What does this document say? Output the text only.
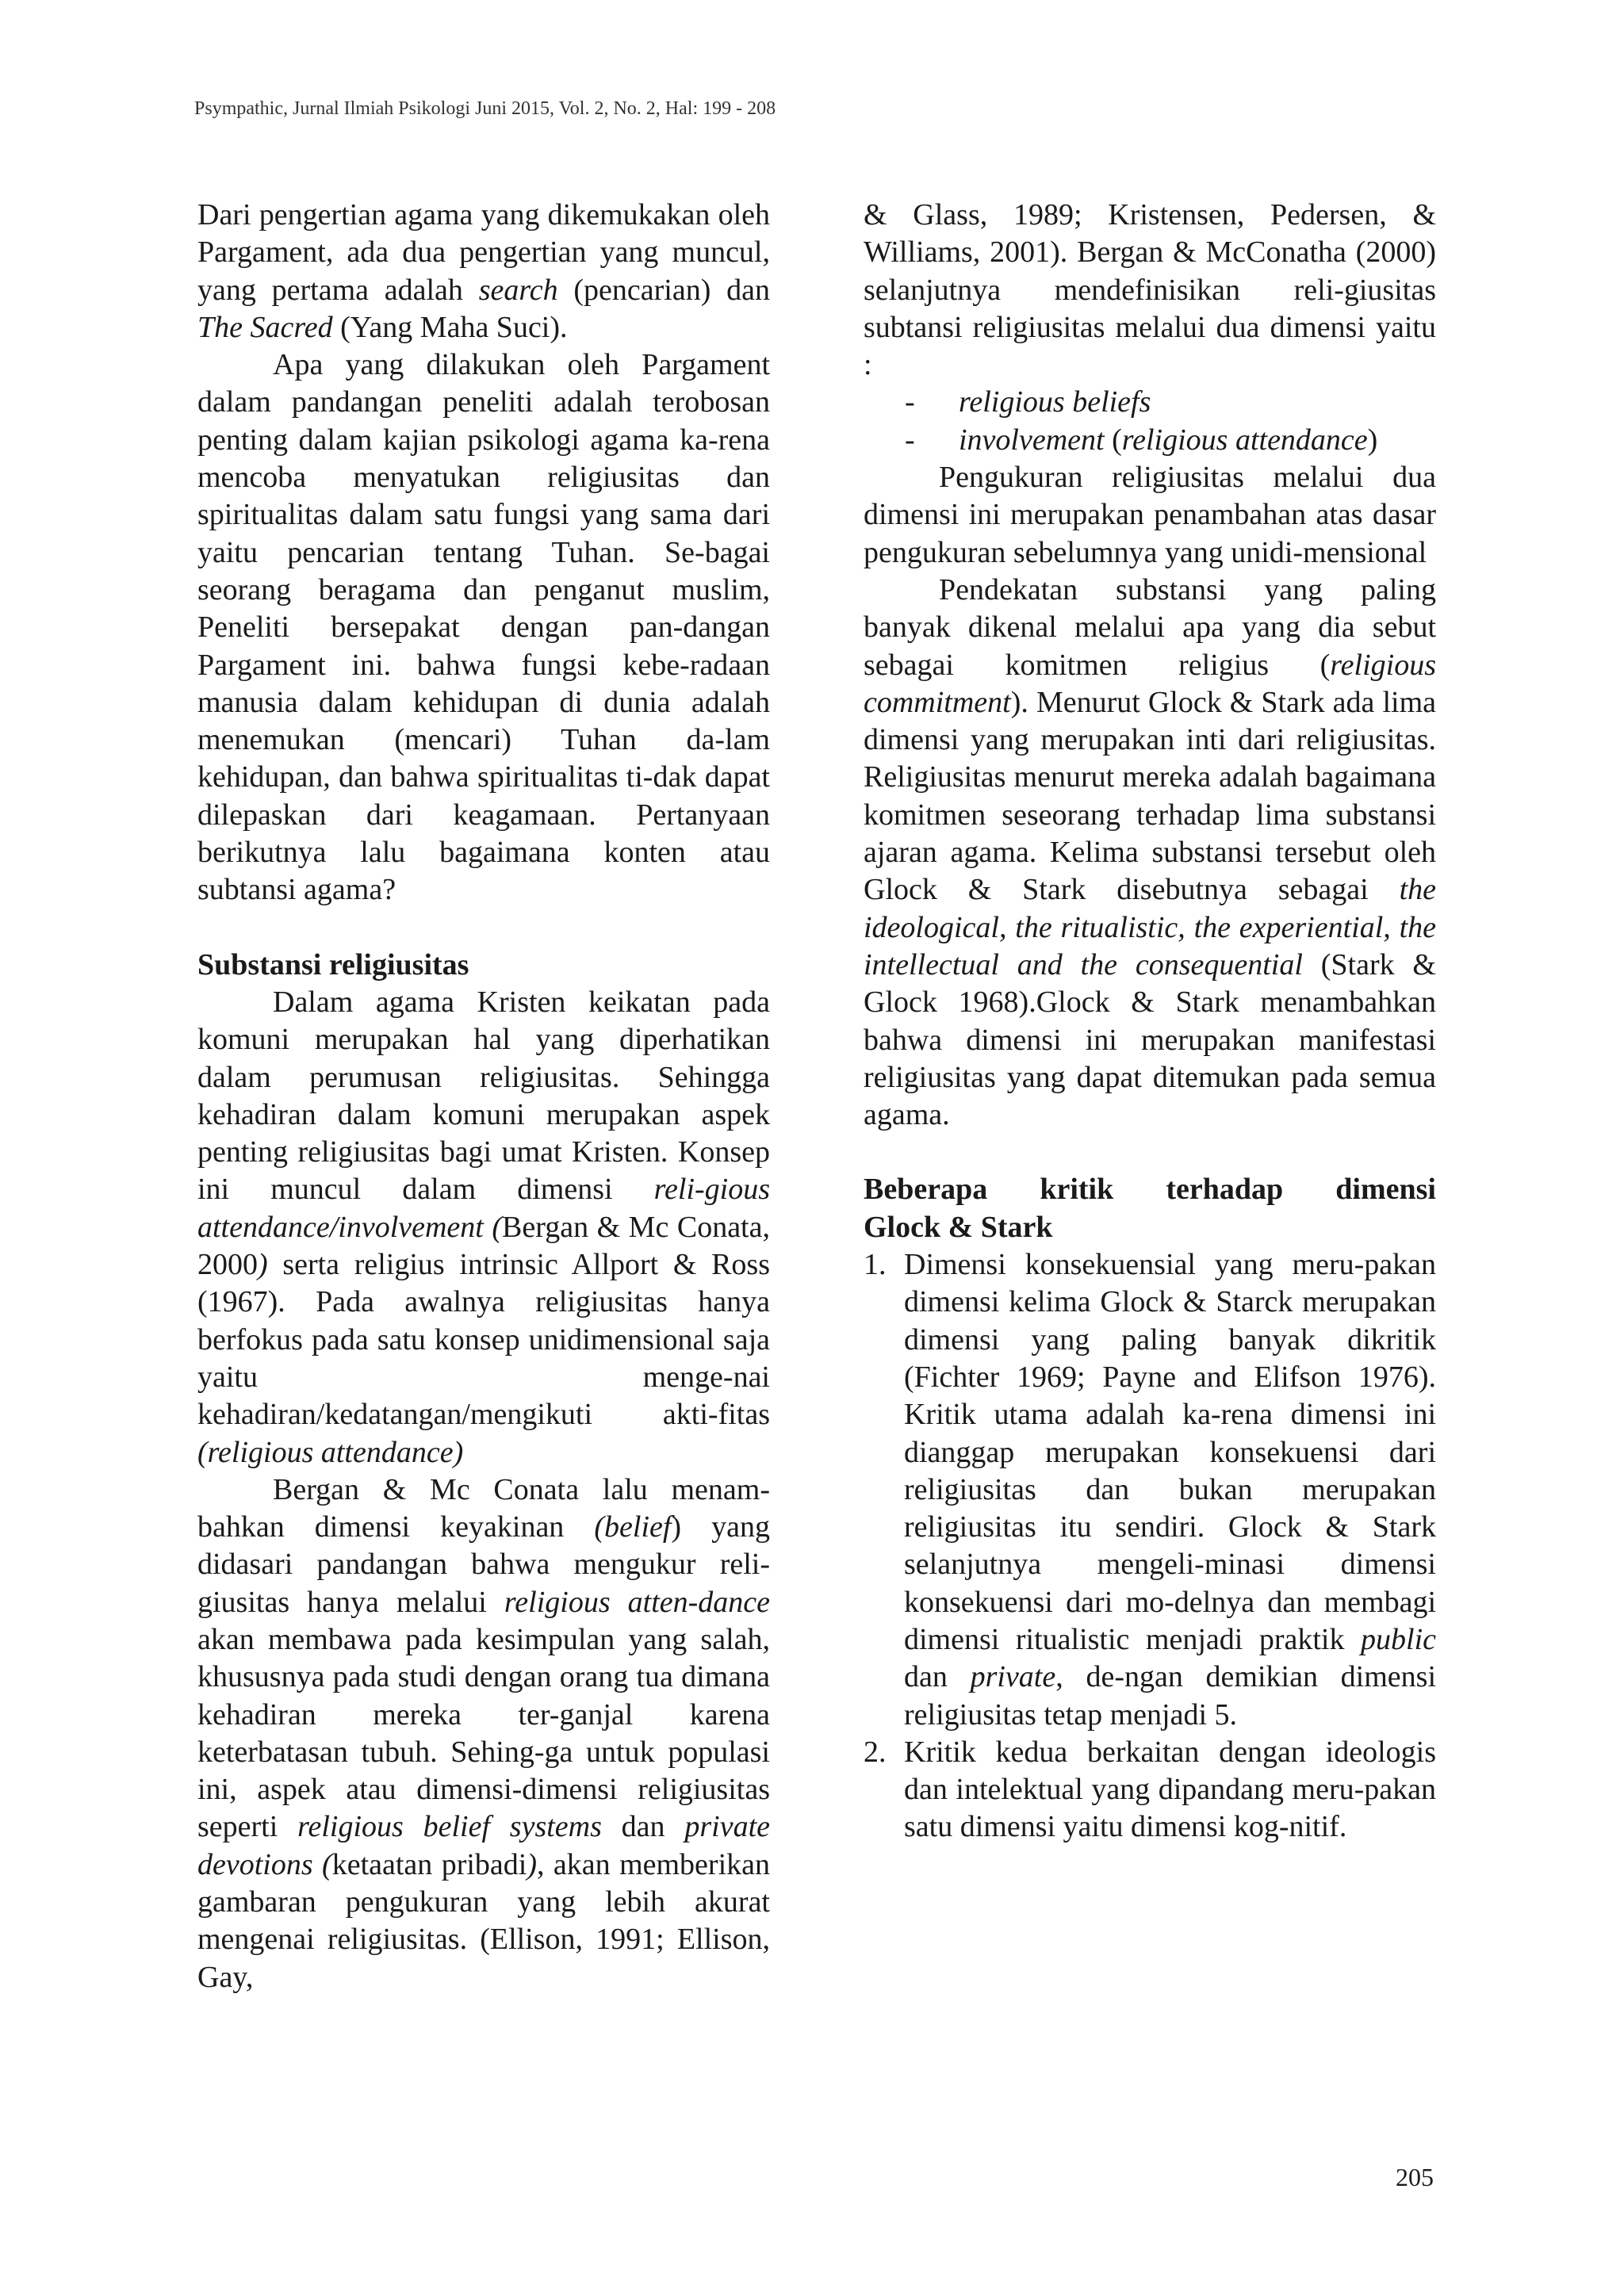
Psympathic, Jurnal Ilmiah Psikologi Juni 2015, Vol. 2, No. 2, Hal: 199 - 208

Dari pengertian agama yang dikemukakan oleh Pargament, ada dua pengertian yang muncul, yang pertama adalah search (pencarian) dan The Sacred (Yang Maha Suci).

Apa yang dilakukan oleh Pargament dalam pandangan peneliti adalah terobosan penting dalam kajian psikologi agama ka-rena mencoba menyatukan religiusitas dan spiritualitas dalam satu fungsi yang sama dari yaitu pencarian tentang Tuhan. Se-bagai seorang beragama dan penganut muslim, Peneliti bersepakat dengan pan-dangan Pargament ini. bahwa fungsi kebe-radaan manusia dalam kehidupan di dunia adalah menemukan (mencari) Tuhan da-lam kehidupan, dan bahwa spiritualitas ti-dak dapat dilepaskan dari keagamaan. Pertanyaan berikutnya lalu bagaimana konten atau subtansi agama?

Substansi religiusitas

Dalam agama Kristen keikatan pada komuni merupakan hal yang diperhatikan dalam perumusan religiusitas. Sehingga kehadiran dalam komuni merupakan aspek penting religiusitas bagi umat Kristen. Konsep ini muncul dalam dimensi reli-gious attendance/involvement (Bergan & Mc Conata, 2000) serta religius intrinsic Allport & Ross (1967). Pada awalnya religiusitas hanya berfokus pada satu konsep unidimensional saja yaitu menge-nai kehadiran/kedatangan/mengikuti akti-fitas (religious attendance)

Bergan & Mc Conata lalu menam-bahkan dimensi keyakinan (belief) yang didasari pandangan bahwa mengukur reli-giusitas hanya melalui religious atten-dance akan membawa pada kesimpulan yang salah, khususnya pada studi dengan orang tua dimana kehadiran mereka ter-ganjal karena keterbatasan tubuh. Sehing-ga untuk populasi ini, aspek atau dimensi-dimensi religiusitas seperti religious belief systems dan private devotions (ketaatan pribadi), akan memberikan gambaran pengukuran yang lebih akurat mengenai religiusitas. (Ellison, 1991; Ellison, Gay,

& Glass, 1989; Kristensen, Pedersen, & Williams, 2001). Bergan & McConatha (2000) selanjutnya mendefinisikan reli-giusitas subtansi religiusitas melalui dua dimensi yaitu :

-	religious beliefs
-	involvement (religious attendance)

Pengukuran religiusitas melalui dua dimensi ini merupakan penambahan atas dasar pengukuran sebelumnya yang unidi-mensional

Pendekatan substansi yang paling banyak dikenal melalui apa yang dia sebut sebagai komitmen religius (religious commitment). Menurut Glock & Stark ada lima dimensi yang merupakan inti dari religiusitas. Religiusitas menurut mereka adalah bagaimana komitmen seseorang terhadap lima substansi ajaran agama. Kelima substansi tersebut oleh Glock & Stark disebutnya sebagai the ideological, the ritualistic, the experiential, the intellectual and the consequential (Stark & Glock 1968).Glock & Stark menambahkan bahwa dimensi ini merupakan manifestasi religiusitas yang dapat ditemukan pada semua agama.

Beberapa kritik terhadap dimensi
Glock & Stark
1. Dimensi konsekuensial yang meru-pakan dimensi kelima Glock & Starck merupakan dimensi yang paling banyak dikritik (Fichter 1969; Payne and Elifson 1976). Kritik utama adalah ka-rena dimensi ini dianggap merupakan konsekuensi dari religiusitas dan bukan merupakan religiusitas itu sendiri. Glock & Stark selanjutnya mengeli-minasi dimensi konsekuensi dari mo-delnya dan membagi dimensi ritualistic menjadi praktik public dan private, de-ngan demikian dimensi religiusitas tetap menjadi 5.
2. Kritik kedua berkaitan dengan ideologis dan intelektual yang dipandang meru-pakan satu dimensi yaitu dimensi kog-nitif.
205
